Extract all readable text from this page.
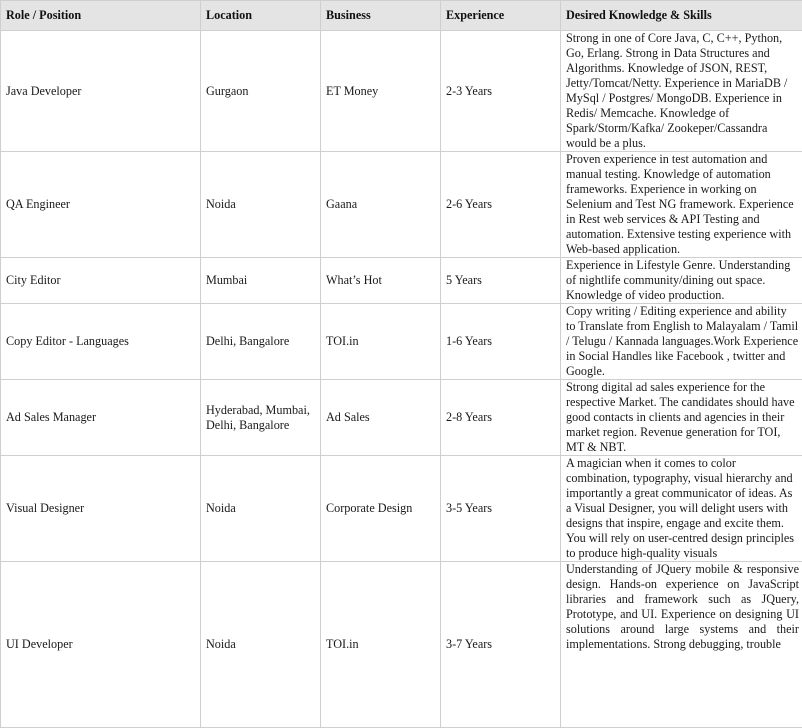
Role / Position	Location	Business	Experience	Desired Knowledge & Skills
Java Developer	Gurgaon	ET Money	2-3 Years	Strong in one of Core Java, C, C++, Python, Go, Erlang. Strong in Data Structures and Algorithms. Knowledge of JSON, REST, Jetty/Tomcat/Netty. Experience in MariaDB / MySql / Postgres/ MongoDB. Experience in Redis/ Memcache. Knowledge of Spark/Storm/Kafka/ Zookeper/Cassandra would be a plus.
QA Engineer	Noida	Gaana	2-6 Years	Proven experience in test automation and manual testing. Knowledge of automation frameworks. Experience in working on Selenium and Test NG framework. Experience in Rest web services & API Testing and automation. Extensive testing experience with Web-based application.
City Editor	Mumbai	What’s Hot	5 Years	Experience in Lifestyle Genre. Understanding of nightlife community/dining out space. Knowledge of video production.
Copy Editor - Languages	Delhi, Bangalore	TOI.in	1-6 Years	Copy writing / Editing experience and ability to Translate from English to Malayalam / Tamil / Telugu / Kannada languages.Work Experience in Social Handles like Facebook , twitter and Google.
Ad Sales Manager	Hyderabad, Mumbai, Delhi, Bangalore	Ad Sales	2-8 Years	Strong digital ad sales experience for the respective Market. The candidates should have good contacts in clients and agencies in their market region. Revenue generation for TOI, MT & NBT.
Visual Designer	Noida	Corporate Design	3-5 Years	A magician when it comes to color combination, typography, visual hierarchy and importantly a great communicator of ideas. As a Visual Designer, you will delight users with designs that inspire, engage and excite them. You will rely on user-centred design principles to produce high-quality visuals
UI Developer	Noida	TOI.in	3-7 Years	Understanding of JQuery mobile & responsive design. Hands-on experience on JavaScript libraries and framework such as JQuery, Prototype, and UI. Experience on designing UI solutions around large systems and their implementations. Strong debugging, trouble
